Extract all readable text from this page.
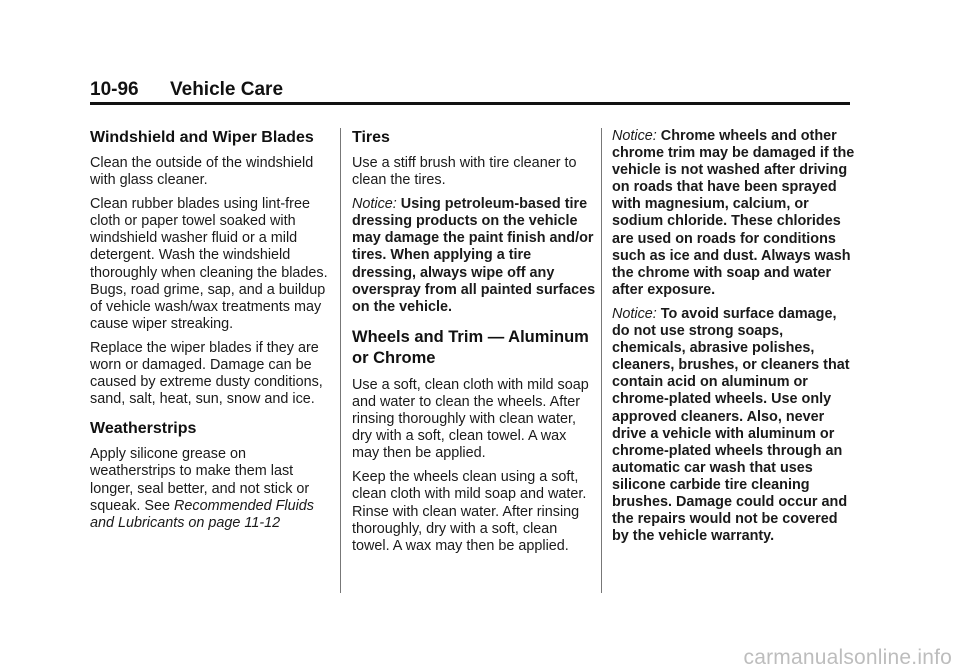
10-96 Vehicle Care
Windshield and Wiper Blades

Clean the outside of the windshield with glass cleaner.

Clean rubber blades using lint-free cloth or paper towel soaked with windshield washer fluid or a mild detergent. Wash the windshield thoroughly when cleaning the blades. Bugs, road grime, sap, and a buildup of vehicle wash/wax treatments may cause wiper streaking.

Replace the wiper blades if they are worn or damaged. Damage can be caused by extreme dusty conditions, sand, salt, heat, sun, snow and ice.

Weatherstrips

Apply silicone grease on weatherstrips to make them last longer, seal better, and not stick or squeak. See Recommended Fluids and Lubricants on page 11-12

Tires

Use a stiff brush with tire cleaner to clean the tires.

Notice: Using petroleum-based tire dressing products on the vehicle may damage the paint finish and/or tires. When applying a tire dressing, always wipe off any overspray from all painted surfaces on the vehicle.

Wheels and Trim — Aluminum or Chrome

Use a soft, clean cloth with mild soap and water to clean the wheels. After rinsing thoroughly with clean water, dry with a soft, clean towel. A wax may then be applied.

Keep the wheels clean using a soft, clean cloth with mild soap and water. Rinse with clean water. After rinsing thoroughly, dry with a soft, clean towel. A wax may then be applied.

Notice: Chrome wheels and other chrome trim may be damaged if the vehicle is not washed after driving on roads that have been sprayed with magnesium, calcium, or sodium chloride. These chlorides are used on roads for conditions such as ice and dust. Always wash the chrome with soap and water after exposure.

Notice: To avoid surface damage, do not use strong soaps, chemicals, abrasive polishes, cleaners, brushes, or cleaners that contain acid on aluminum or chrome-plated wheels. Use only approved cleaners. Also, never drive a vehicle with aluminum or chrome-plated wheels through an automatic car wash that uses silicone carbide tire cleaning brushes. Damage could occur and the repairs would not be covered by the vehicle warranty.

carmanualsonline.info
